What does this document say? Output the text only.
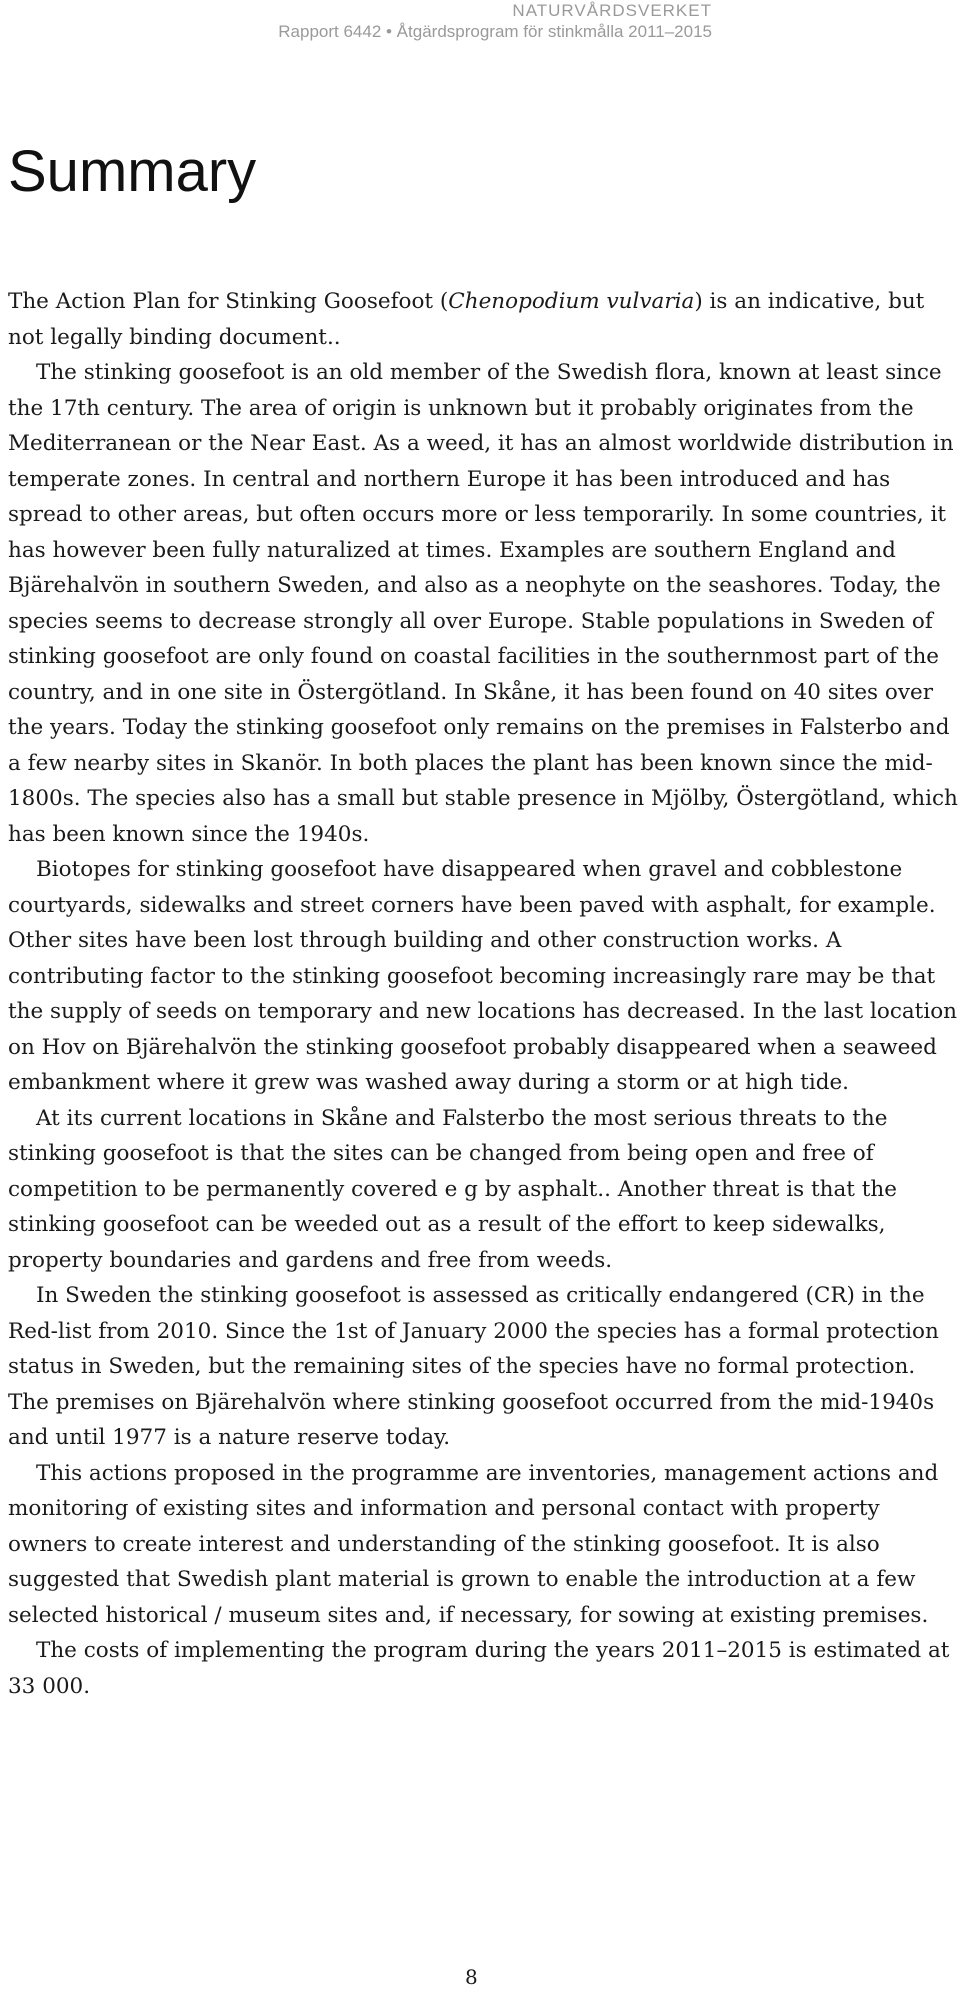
NATURVÅRDSVERKET
Rapport 6442 • Åtgärdsprogram för stinkmålla 2011–2015
Summary

The Action Plan for Stinking Goosefoot (Chenopodium vulvaria) is an indicative, but not legally binding document..

The stinking goosefoot is an old member of the Swedish flora, known at least since the 17th century. The area of origin is unknown but it probably originates from the Mediterranean or the Near East. As a weed, it has an almost worldwide distribution in temperate zones. In central and northern Europe it has been introduced and has spread to other areas, but often occurs more or less temporarily. In some countries, it has however been fully naturalized at times. Examples are southern England and Bjärehalvön in southern Sweden, and also as a neophyte on the seashores. Today, the species seems to decrease strongly all over Europe. Stable populations in Sweden of stinking goosefoot are only found on coastal facilities in the southernmost part of the country, and in one site in Östergötland. In Skåne, it has been found on 40 sites over the years. Today the stinking goosefoot only remains on the premises in Falsterbo and a few nearby sites in Skanör. In both places the plant has been known since the mid-1800s. The species also has a small but stable presence in Mjölby, Östergötland, which has been known since the 1940s.

Biotopes for stinking goosefoot have disappeared when gravel and cobblestone courtyards, sidewalks and street corners have been paved with asphalt, for example. Other sites have been lost through building and other construction works. A contributing factor to the stinking goosefoot becoming increasingly rare may be that the supply of seeds on temporary and new locations has decreased. In the last location on Hov on Bjärehalvön the stinking goosefoot probably disappeared when a seaweed embankment where it grew was washed away during a storm or at high tide.

At its current locations in Skåne and Falsterbo the most serious threats to the stinking goosefoot is that the sites can be changed from being open and free of competition to be permanently covered e g by asphalt.. Another threat is that the stinking goosefoot can be weeded out as a result of the effort to keep sidewalks, property boundaries and gardens and free from weeds.

In Sweden the stinking goosefoot is assessed as critically endangered (CR) in the Red-list from 2010. Since the 1st of January 2000 the species has a formal protection status in Sweden, but the remaining sites of the species have no formal protection. The premises on Bjärehalvön where stinking goosefoot occurred from the mid-1940s and until 1977 is a nature reserve today.

This actions proposed in the programme are inventories, management actions and monitoring of existing sites and information and personal contact with property owners to create interest and understanding of the stinking goosefoot. It is also suggested that Swedish plant material is grown to enable the introduction at a few selected historical / museum sites and, if necessary, for sowing at existing premises.

The costs of implementing the program during the years 2011–2015 is estimated at 33 000.

8
